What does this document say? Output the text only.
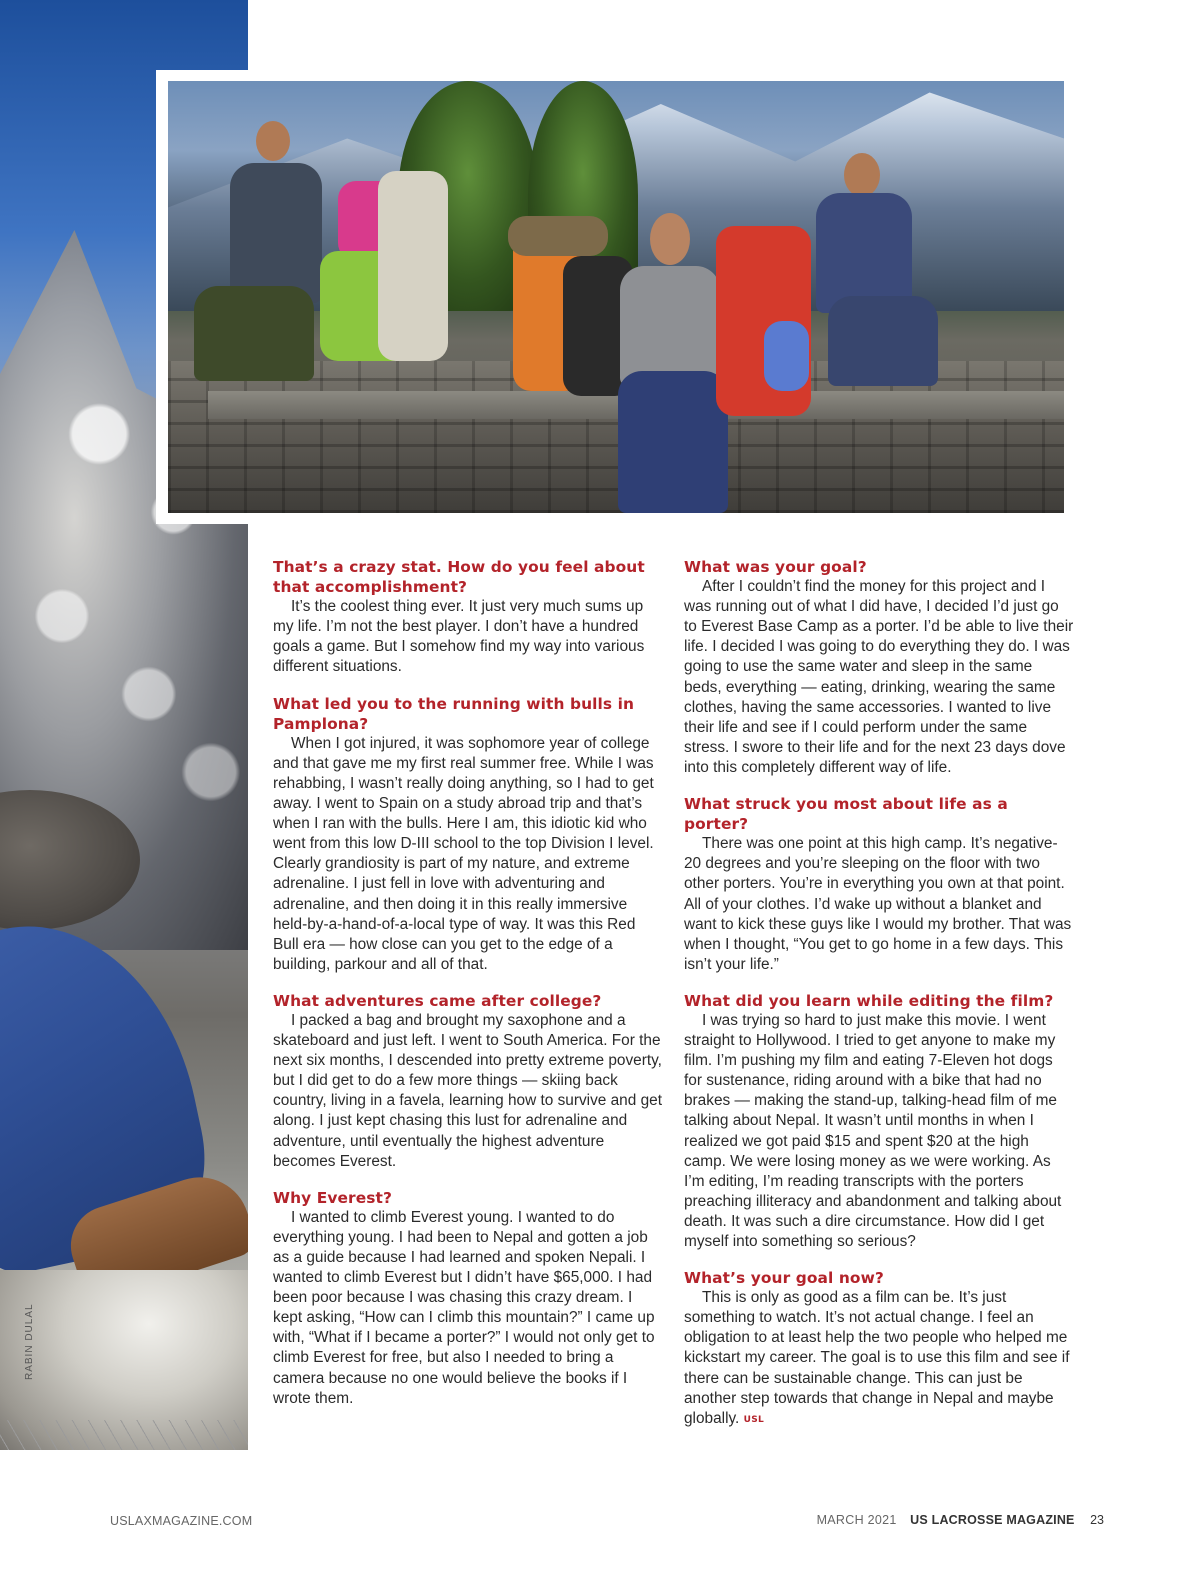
RABIN DULAL

That’s a crazy stat. How do you feel about that accomplishment?

It’s the coolest thing ever. It just very much sums up my life. I’m not the best player. I don’t have a hundred goals a game. But I somehow find my way into various different situations.

What led you to the running with bulls in Pamplona?

When I got injured, it was sophomore year of college and that gave me my first real summer free. While I was rehabbing, I wasn’t really doing anything, so I had to get away. I went to Spain on a study abroad trip and that’s when I ran with the bulls. Here I am, this idiotic kid who went from this low D-III school to the top Division I level. Clearly grandiosity is part of my nature, and extreme adrenaline. I just fell in love with adventuring and adrenaline, and then doing it in this really immersive held-by-a-hand-of-a-local type of way. It was this Red Bull era — how close can you get to the edge of a building, parkour and all of that.

What adventures came after college?

I packed a bag and brought my saxophone and a skateboard and just left. I went to South America. For the next six months, I descended into pretty extreme poverty, but I did get to do a few more things — skiing back country, living in a favela, learning how to survive and get along. I just kept chasing this lust for adrenaline and adventure, until eventually the highest adventure becomes Everest.

Why Everest?

I wanted to climb Everest young. I wanted to do everything young. I had been to Nepal and gotten a job as a guide because I had learned and spoken Nepali. I wanted to climb Everest but I didn’t have $65,000. I had been poor because I was chasing this crazy dream. I kept asking, “How can I climb this mountain?” I came up with, “What if I became a porter?” I would not only get to climb Everest for free, but also I needed to bring a camera because no one would believe the books if I wrote them.

What was your goal?

After I couldn’t find the money for this project and I was running out of what I did have, I decided I’d just go to Everest Base Camp as a porter. I’d be able to live their life. I decided I was going to do everything they do. I was going to use the same water and sleep in the same beds, everything — eating, drinking, wearing the same clothes, having the same accessories. I wanted to live their life and see if I could perform under the same stress. I swore to their life and for the next 23 days dove into this completely different way of life.

What struck you most about life as a porter?

There was one point at this high camp. It’s negative-20 degrees and you’re sleeping on the floor with two other porters. You’re in everything you own at that point. All of your clothes. I’d wake up without a blanket and want to kick these guys like I would my brother. That was when I thought, “You get to go home in a few days. This isn’t your life.”

What did you learn while editing the film?

I was trying so hard to just make this movie. I went straight to Hollywood. I tried to get anyone to make my film. I’m pushing my film and eating 7-Eleven hot dogs for sustenance, riding around with a bike that had no brakes — making the stand-up, talking-head film of me talking about Nepal. It wasn’t until months in when I realized we got paid $15 and spent $20 at the high camp. We were losing money as we were working. As I’m editing, I’m reading transcripts with the porters preaching illiteracy and abandonment and talking about death. It was such a dire circumstance. How did I get myself into something so serious?

What’s your goal now?

This is only as good as a film can be. It’s just something to watch. It’s not actual change. I feel an obligation to at least help the two people who helped me kickstart my career. The goal is to use this film and see if there can be sustainable change. This can just be another step towards that change in Nepal and maybe globally. USL

USLAXMAGAZINE.COM	MARCH 2021 US LACROSSE MAGAZINE 23
